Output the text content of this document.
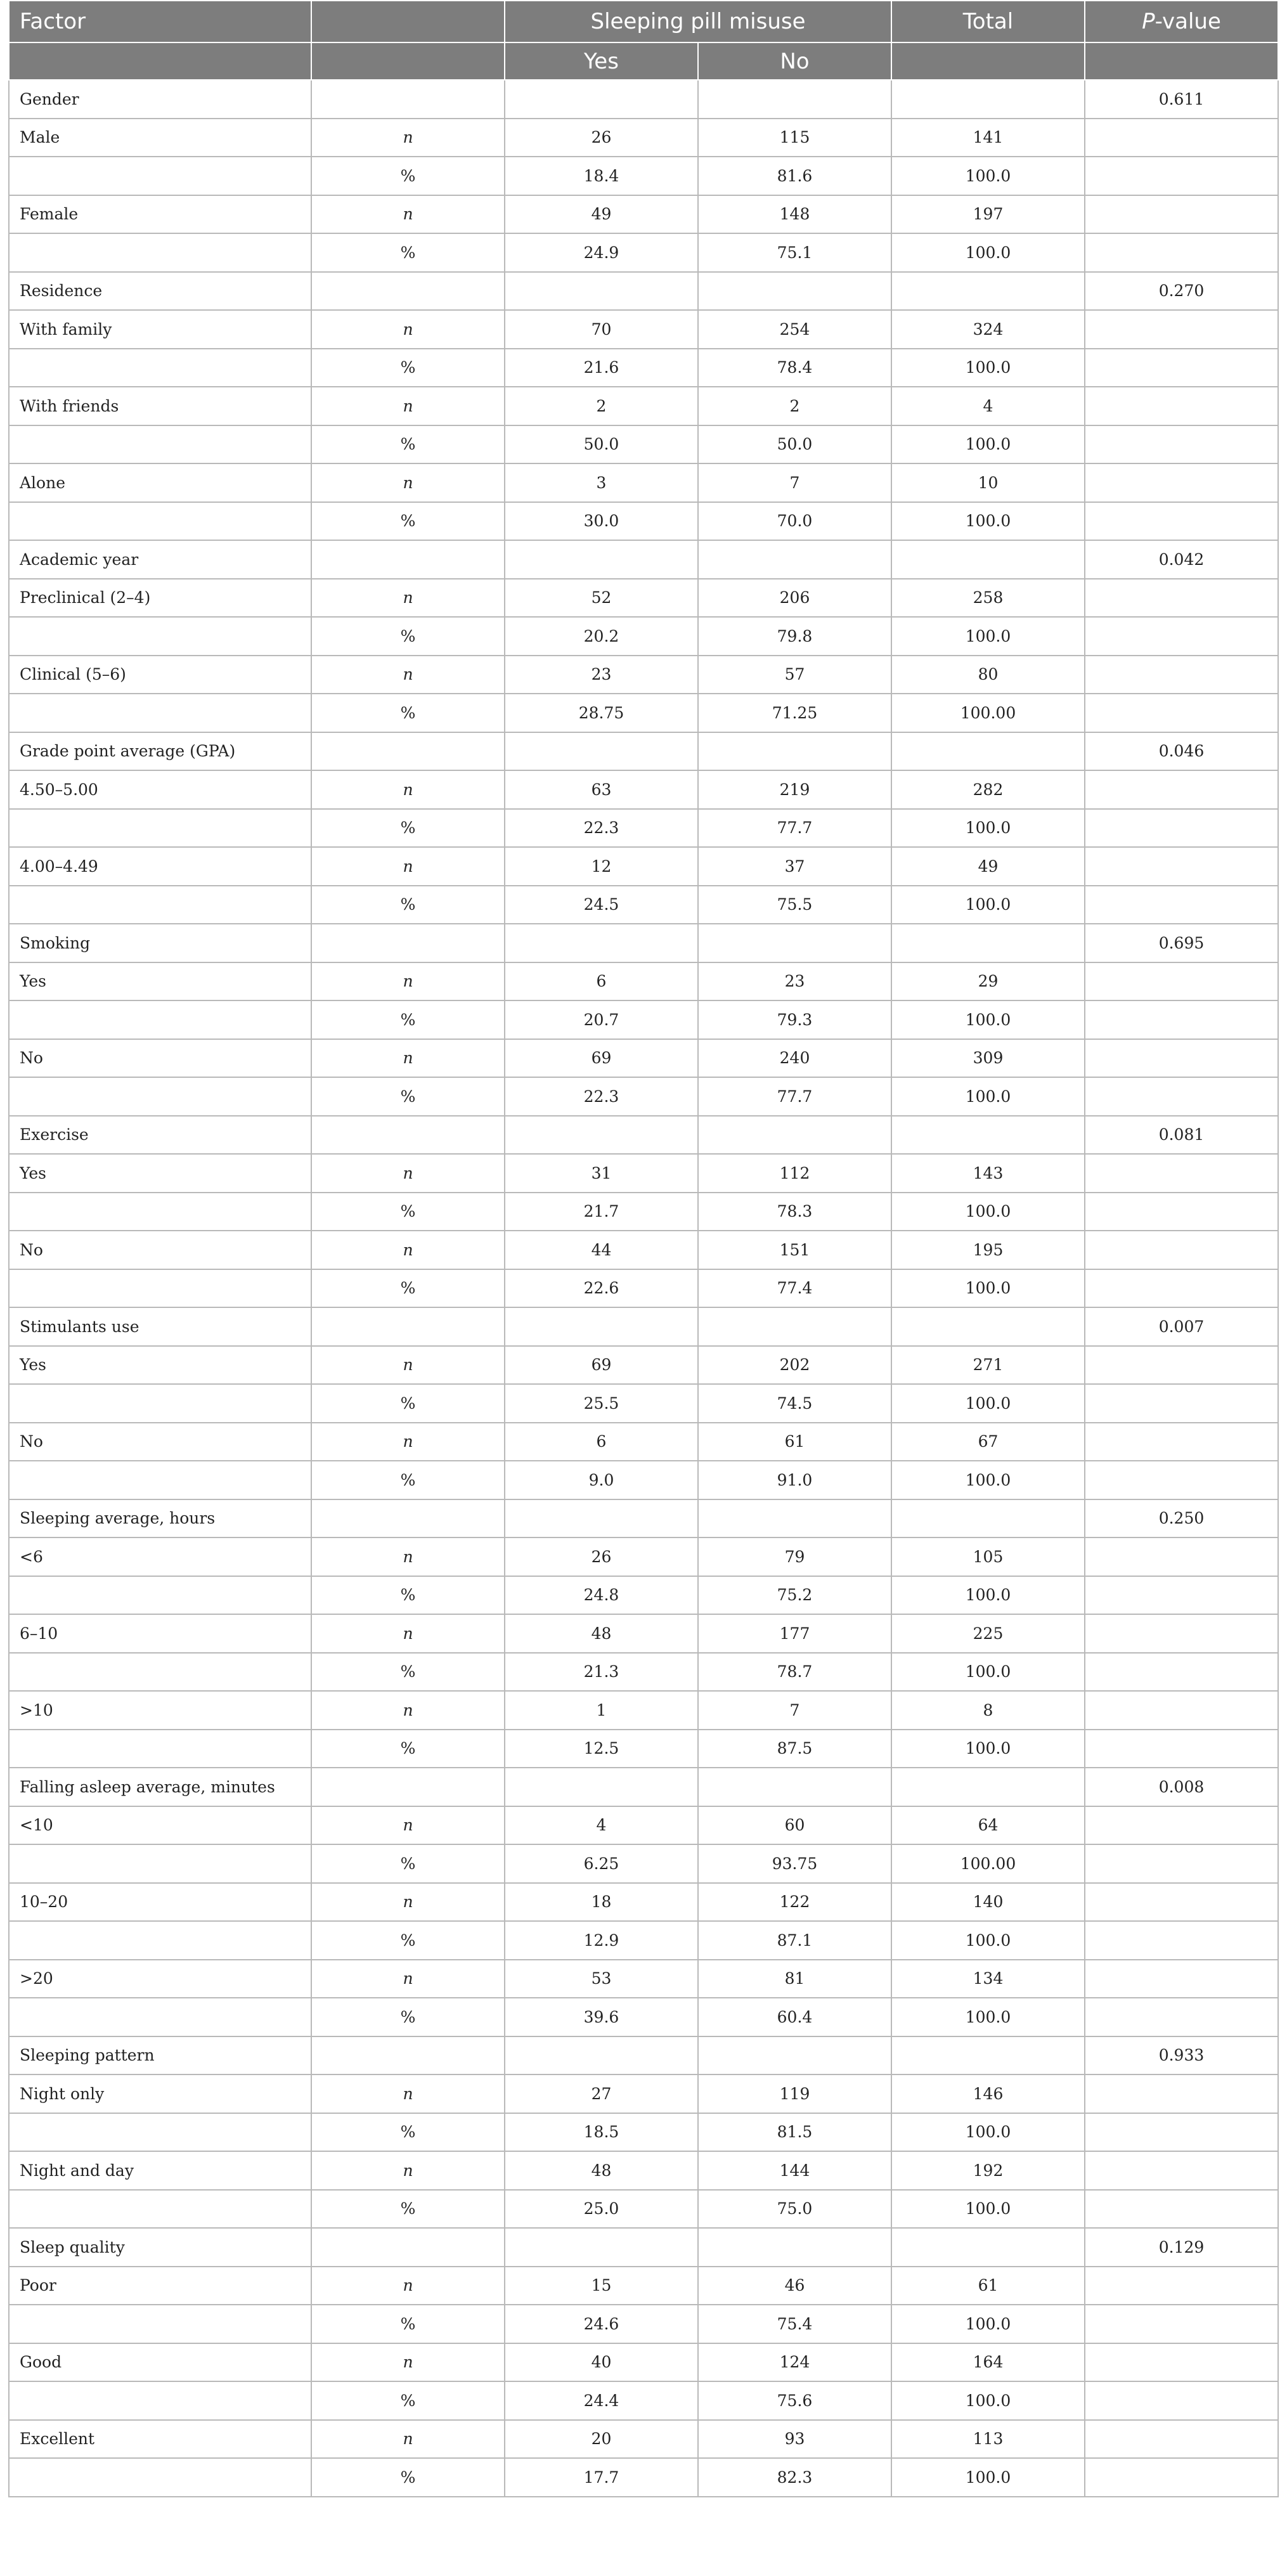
Factor		Sleeping pill misuse		Total	P-value
		Yes	No		
Gender					0.611
Male	n	26	115	141	
	%	18.4	81.6	100.0	
Female	n	49	148	197	
	%	24.9	75.1	100.0	
Residence					0.270
With family	n	70	254	324	
	%	21.6	78.4	100.0	
With friends	n	2	2	4	
	%	50.0	50.0	100.0	
Alone	n	3	7	10	
	%	30.0	70.0	100.0	
Academic year					0.042
Preclinical (2–4)	n	52	206	258	
	%	20.2	79.8	100.0	
Clinical (5–6)	n	23	57	80	
	%	28.75	71.25	100.00	
Grade point average (GPA)					0.046
4.50–5.00	n	63	219	282	
	%	22.3	77.7	100.0	
4.00–4.49	n	12	37	49	
	%	24.5	75.5	100.0	
Smoking					0.695
Yes	n	6	23	29	
	%	20.7	79.3	100.0	
No	n	69	240	309	
	%	22.3	77.7	100.0	
Exercise					0.081
Yes	n	31	112	143	
	%	21.7	78.3	100.0	
No	n	44	151	195	
	%	22.6	77.4	100.0	
Stimulants use					0.007
Yes	n	69	202	271	
	%	25.5	74.5	100.0	
No	n	6	61	67	
	%	9.0	91.0	100.0	
Sleeping average, hours					0.250
<6	n	26	79	105	
	%	24.8	75.2	100.0	
6–10	n	48	177	225	
	%	21.3	78.7	100.0	
>10	n	1	7	8	
	%	12.5	87.5	100.0	
Falling asleep average, minutes					0.008
<10	n	4	60	64	
	%	6.25	93.75	100.00	
10–20	n	18	122	140	
	%	12.9	87.1	100.0	
>20	n	53	81	134	
	%	39.6	60.4	100.0	
Sleeping pattern					0.933
Night only	n	27	119	146	
	%	18.5	81.5	100.0	
Night and day	n	48	144	192	
	%	25.0	75.0	100.0	
Sleep quality					0.129
Poor	n	15	46	61	
	%	24.6	75.4	100.0	
Good	n	40	124	164	
	%	24.4	75.6	100.0	
Excellent	n	20	93	113	
	%	17.7	82.3	100.0	
